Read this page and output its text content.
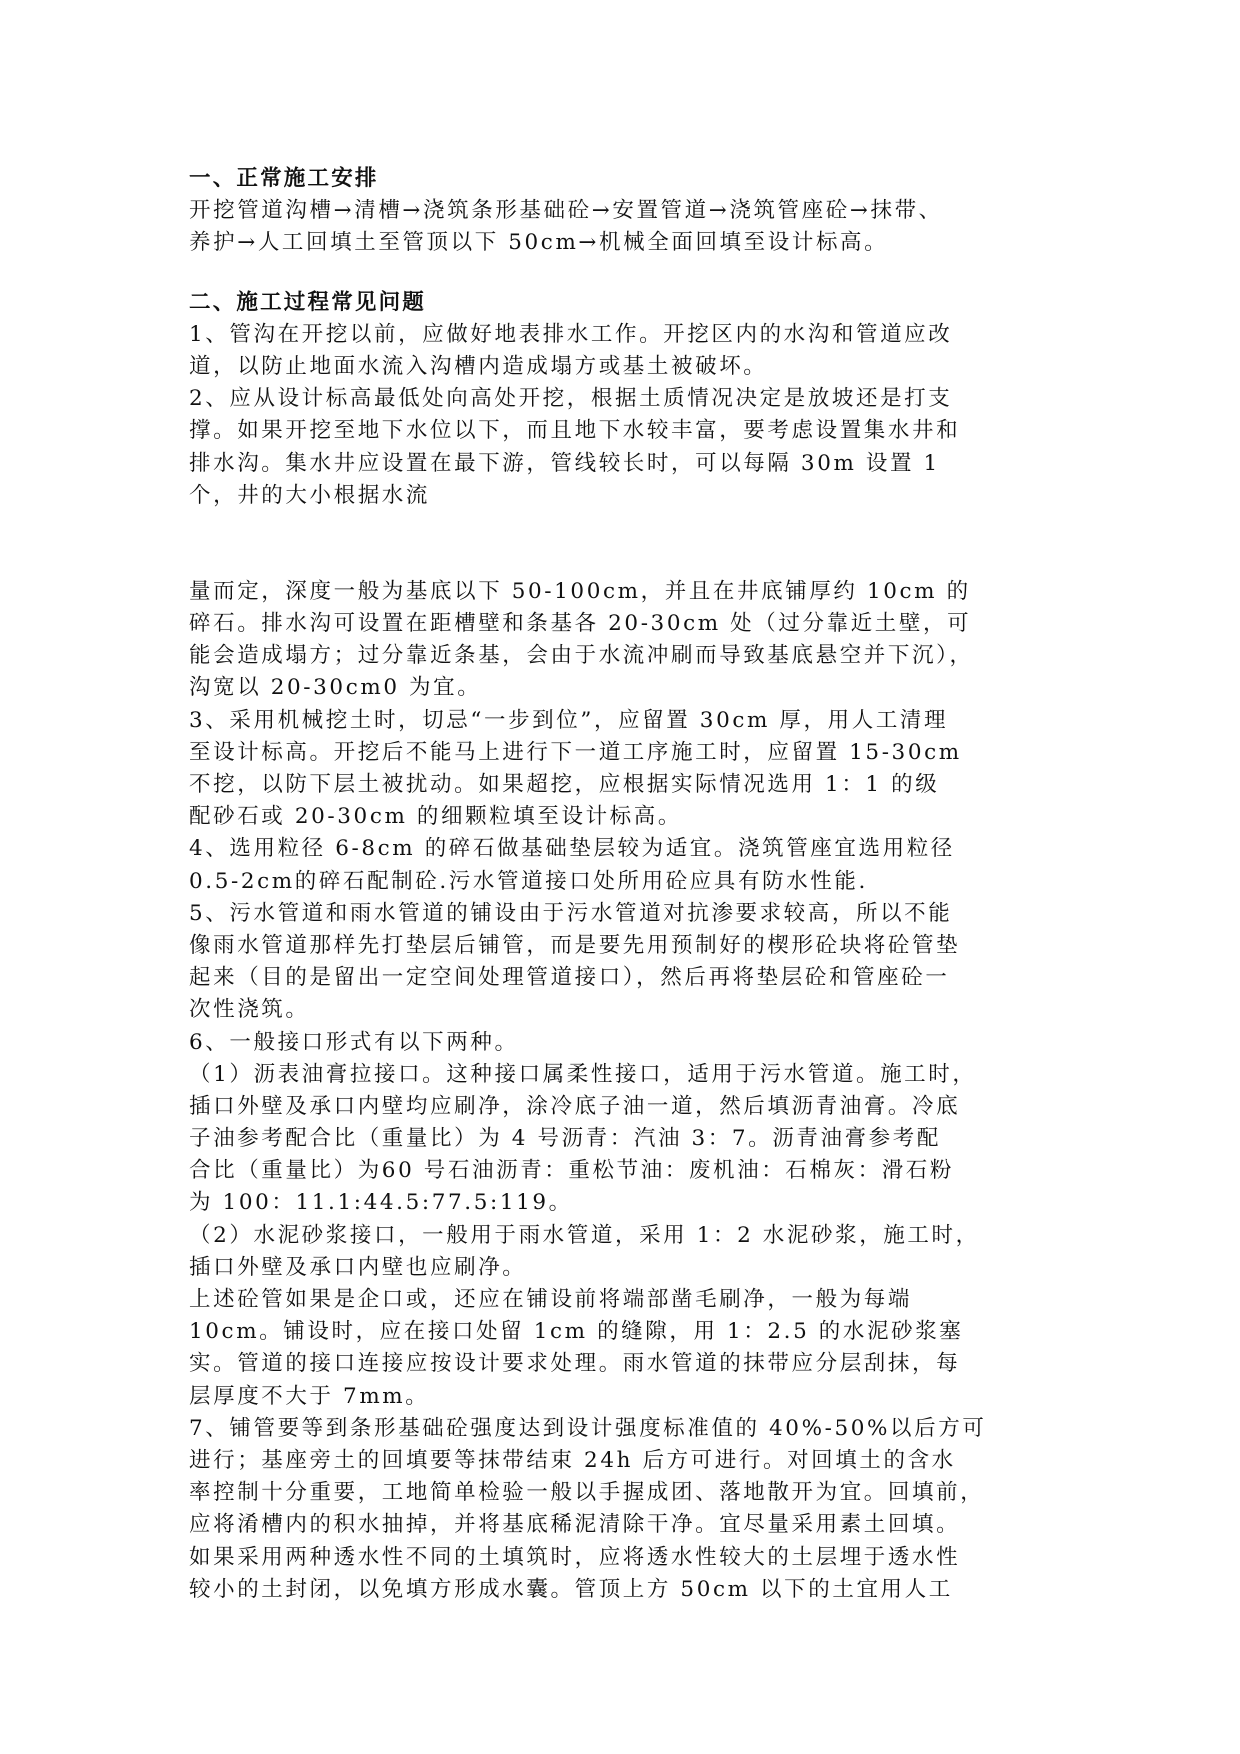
一、正常施工安排
开挖管道沟槽→清槽→浇筑条形基础砼→安置管道→浇筑管座砼→抹带、
养护→人工回填土至管顶以下 50cm→机械全面回填至设计标高。
二、施工过程常见问题
1、管沟在开挖以前，应做好地表排水工作。开挖区内的水沟和管道应改
道，以防止地面水流入沟槽内造成塌方或基土被破坏。
2、应从设计标高最低处向高处开挖，根据土质情况决定是放坡还是打支
撑。如果开挖至地下水位以下，而且地下水较丰富，要考虑设置集水井和
排水沟。集水井应设置在最下游，管线较长时，可以每隔 30m 设置 1
个，井的大小根据水流
量而定，深度一般为基底以下 50-100cm，并且在井底铺厚约 10cm 的
碎石。排水沟可设置在距槽壁和条基各 20-30cm 处（过分靠近土壁，可
能会造成塌方；过分靠近条基，会由于水流冲刷而导致基底悬空并下沉），
沟宽以 20-30cm0 为宜。
3、采用机械挖土时，切忌“一步到位”，应留置 30cm 厚，用人工清理
至设计标高。开挖后不能马上进行下一道工序施工时，应留置 15-30cm
不挖，以防下层土被扰动。如果超挖，应根据实际情况选用 1：1 的级
配砂石或 20-30cm 的细颗粒填至设计标高。
4、选用粒径 6-8cm 的碎石做基础垫层较为适宜。浇筑管座宜选用粒径
0.5-2cm的碎石配制砼.污水管道接口处所用砼应具有防水性能.
5、污水管道和雨水管道的铺设由于污水管道对抗渗要求较高，所以不能
像雨水管道那样先打垫层后铺管，而是要先用预制好的楔形砼块将砼管垫
起来（目的是留出一定空间处理管道接口），然后再将垫层砼和管座砼一
次性浇筑。
6、一般接口形式有以下两种。
（1）沥表油膏拉接口。这种接口属柔性接口，适用于污水管道。施工时，
插口外壁及承口内壁均应刷净，涂冷底子油一道，然后填沥青油膏。冷底
子油参考配合比（重量比）为 4 号沥青：汽油 3：7。沥青油膏参考配
合比（重量比）为60 号石油沥青：重松节油：废机油：石棉灰：滑石粉
为 100：11.1:44.5:77.5:119。
（2）水泥砂浆接口，一般用于雨水管道，采用 1：2 水泥砂浆，施工时，
插口外壁及承口内壁也应刷净。
上述砼管如果是企口或，还应在铺设前将端部凿毛刷净，一般为每端
10cm。铺设时，应在接口处留 1cm 的缝隙，用 1：2.5 的水泥砂浆塞
实。管道的接口连接应按设计要求处理。雨水管道的抹带应分层刮抹，每
层厚度不大于 7mm。
7、铺管要等到条形基础砼强度达到设计强度标准值的 40%-50%以后方可
进行；基座旁土的回填要等抹带结束 24h 后方可进行。对回填土的含水
率控制十分重要，工地简单检验一般以手握成团、落地散开为宜。回填前，
应将淆槽内的积水抽掉，并将基底稀泥清除干净。宜尽量采用素土回填。
如果采用两种透水性不同的土填筑时，应将透水性较大的土层埋于透水性
较小的土封闭，以免填方形成水囊。管顶上方 50cm 以下的土宜用人工
